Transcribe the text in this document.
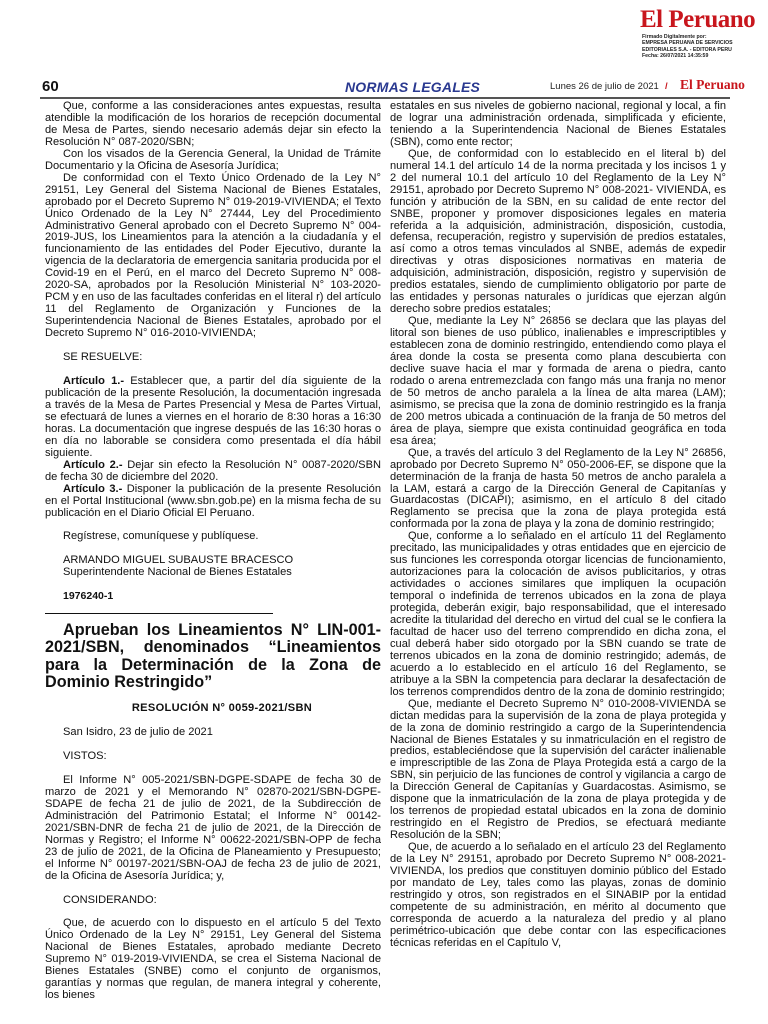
El Peruano
Firmado Digitalmente por:
EMPRESA PERUANA DE SERVICIOS
EDITORIALES S.A. - EDITORA PERU
Fecha: 26/07/2021 14:35:59
60	NORMAS LEGALES	Lunes 26 de julio de 2021 / El Peruano

Que, conforme a las consideraciones antes expuestas, resulta atendible la modificación de los horarios de recepción documental de Mesa de Partes, siendo necesario además dejar sin efecto la Resolución N° 087-2020/SBN;

Con los visados de la Gerencia General, la Unidad de Trámite Documentario y la Oficina de Asesoría Jurídica;

De conformidad con el Texto Único Ordenado de la Ley N° 29151, Ley General del Sistema Nacional de Bienes Estatales, aprobado por el Decreto Supremo N° 019-2019-VIVIENDA; el Texto Único Ordenado de la Ley N° 27444, Ley del Procedimiento Administrativo General aprobado con el Decreto Supremo N° 004-2019-JUS, los Lineamientos para la atención a la ciudadanía y el funcionamiento de las entidades del Poder Ejecutivo, durante la vigencia de la declaratoria de emergencia sanitaria producida por el Covid-19 en el Perú, en el marco del Decreto Supremo N° 008-2020-SA, aprobados por la Resolución Ministerial N° 103-2020-PCM y en uso de las facultades conferidas en el literal r) del artículo 11 del Reglamento de Organización y Funciones de la Superintendencia Nacional de Bienes Estatales, aprobado por el Decreto Supremo N° 016-2010-VIVIENDA;

SE RESUELVE:

Artículo 1.- Establecer que, a partir del día siguiente de la publicación de la presente Resolución, la documentación ingresada a través de la Mesa de Partes Presencial y Mesa de Partes Virtual, se efectuará de lunes a viernes en el horario de 8:30 horas a 16:30 horas. La documentación que ingrese después de las 16:30 horas o en día no laborable se considera como presentada el día hábil siguiente.

Artículo 2.- Dejar sin efecto la Resolución N° 0087-2020/SBN de fecha 30 de diciembre del 2020.

Artículo 3.- Disponer la publicación de la presente Resolución en el Portal Institucional (www.sbn.gob.pe) en la misma fecha de su publicación en el Diario Oficial El Peruano.

Regístrese, comuníquese y publíquese.

ARMANDO MIGUEL SUBAUSTE BRACESCO

Superintendente Nacional de Bienes Estatales

1976240-1

Aprueban los Lineamientos N° LIN-001-2021/SBN, denominados “Lineamientos para la Determinación de la Zona de Dominio Restringido”

RESOLUCIÓN N° 0059-2021/SBN

San Isidro, 23 de julio de 2021

VISTOS:

El Informe N° 005-2021/SBN-DGPE-SDAPE de fecha 30 de marzo de 2021 y el Memorando N° 02870-2021/SBN-DGPE-SDAPE de fecha 21 de julio de 2021, de la Subdirección de Administración del Patrimonio Estatal; el Informe N° 00142-2021/SBN-DNR de fecha 21 de julio de 2021, de la Dirección de Normas y Registro; el Informe N° 00622-2021/SBN-OPP de fecha 23 de julio de 2021, de la Oficina de Planeamiento y Presupuesto; el Informe N° 00197-2021/SBN-OAJ de fecha 23 de julio de 2021, de la Oficina de Asesoría Jurídica; y,

CONSIDERANDO:

Que, de acuerdo con lo dispuesto en el artículo 5 del Texto Único Ordenado de la Ley N° 29151, Ley General del Sistema Nacional de Bienes Estatales, aprobado mediante Decreto Supremo N° 019-2019-VIVIENDA, se crea el Sistema Nacional de Bienes Estatales (SNBE) como el conjunto de organismos, garantías y normas que regulan, de manera integral y coherente, los bienes

estatales en sus niveles de gobierno nacional, regional y local, a fin de lograr una administración ordenada, simplificada y eficiente, teniendo a la Superintendencia Nacional de Bienes Estatales (SBN), como ente rector;

Que, de conformidad con lo establecido en el literal b) del numeral 14.1 del artículo 14 de la norma precitada y los incisos 1 y 2 del numeral 10.1 del artículo 10 del Reglamento de la Ley N° 29151, aprobado por Decreto Supremo N° 008-2021- VIVIENDA, es función y atribución de la SBN, en su calidad de ente rector del SNBE, proponer y promover disposiciones legales en materia referida a la adquisición, administración, disposición, custodia, defensa, recuperación, registro y supervisión de predios estatales, así como a otros temas vinculados al SNBE, además de expedir directivas y otras disposiciones normativas en materia de adquisición, administración, disposición, registro y supervisión de predios estatales, siendo de cumplimiento obligatorio por parte de las entidades y personas naturales o jurídicas que ejerzan algún derecho sobre predios estatales;

Que, mediante la Ley N° 26856 se declara que las playas del litoral son bienes de uso público, inalienables e imprescriptibles y establecen zona de dominio restringido, entendiendo como playa el área donde la costa se presenta como plana descubierta con declive suave hacia el mar y formada de arena o piedra, canto rodado o arena entremezclada con fango más una franja no menor de 50 metros de ancho paralela a la línea de alta marea (LAM); asimismo, se precisa que la zona de dominio restringido es la franja de 200 metros ubicada a continuación de la franja de 50 metros del área de playa, siempre que exista continuidad geográfica en toda esa área;

Que, a través del artículo 3 del Reglamento de la Ley N° 26856, aprobado por Decreto Supremo N° 050-2006-EF, se dispone que la determinación de la franja de hasta 50 metros de ancho paralela a la LAM, estará a cargo de la Dirección General de Capitanías y Guardacostas (DICAPI); asimismo, en el artículo 8 del citado Reglamento se precisa que la zona de playa protegida está conformada por la zona de playa y la zona de dominio restringido;

Que, conforme a lo señalado en el artículo 11 del Reglamento precitado, las municipalidades y otras entidades que en ejercicio de sus funciones les corresponda otorgar licencias de funcionamiento, autorizaciones para la colocación de avisos publicitarios, y otras actividades o acciones similares que impliquen la ocupación temporal o indefinida de terrenos ubicados en la zona de playa protegida, deberán exigir, bajo responsabilidad, que el interesado acredite la titularidad del derecho en virtud del cual se le confiera la facultad de hacer uso del terreno comprendido en dicha zona, el cual deberá haber sido otorgado por la SBN cuando se trate de terrenos ubicados en la zona de dominio restringido; además, de acuerdo a lo establecido en el artículo 16 del Reglamento, se atribuye a la SBN la competencia para declarar la desafectación de los terrenos comprendidos dentro de la zona de dominio restringido;

Que, mediante el Decreto Supremo N° 010-2008-VIVIENDA se dictan medidas para la supervisión de la zona de playa protegida y de la zona de dominio restringido a cargo de la Superintendencia Nacional de Bienes Estatales y su inmatriculación en el registro de predios, estableciéndose que la supervisión del carácter inalienable e imprescriptible de las Zona de Playa Protegida está a cargo de la SBN, sin perjuicio de las funciones de control y vigilancia a cargo de la Dirección General de Capitanías y Guardacostas. Asimismo, se dispone que la inmatriculación de la zona de playa protegida y de los terrenos de propiedad estatal ubicados en la zona de dominio restringido en el Registro de Predios, se efectuará mediante Resolución de la SBN;

Que, de acuerdo a lo señalado en el artículo 23 del Reglamento de la Ley N° 29151, aprobado por Decreto Supremo N° 008-2021-VIVIENDA, los predios que constituyen dominio público del Estado por mandato de Ley, tales como las playas, zonas de dominio restringido y otros, son registrados en el SINABIP por la entidad competente de su administración, en mérito al documento que corresponda de acuerdo a la naturaleza del predio y al plano perimétrico-ubicación que debe contar con las especificaciones técnicas referidas en el Capítulo V,
